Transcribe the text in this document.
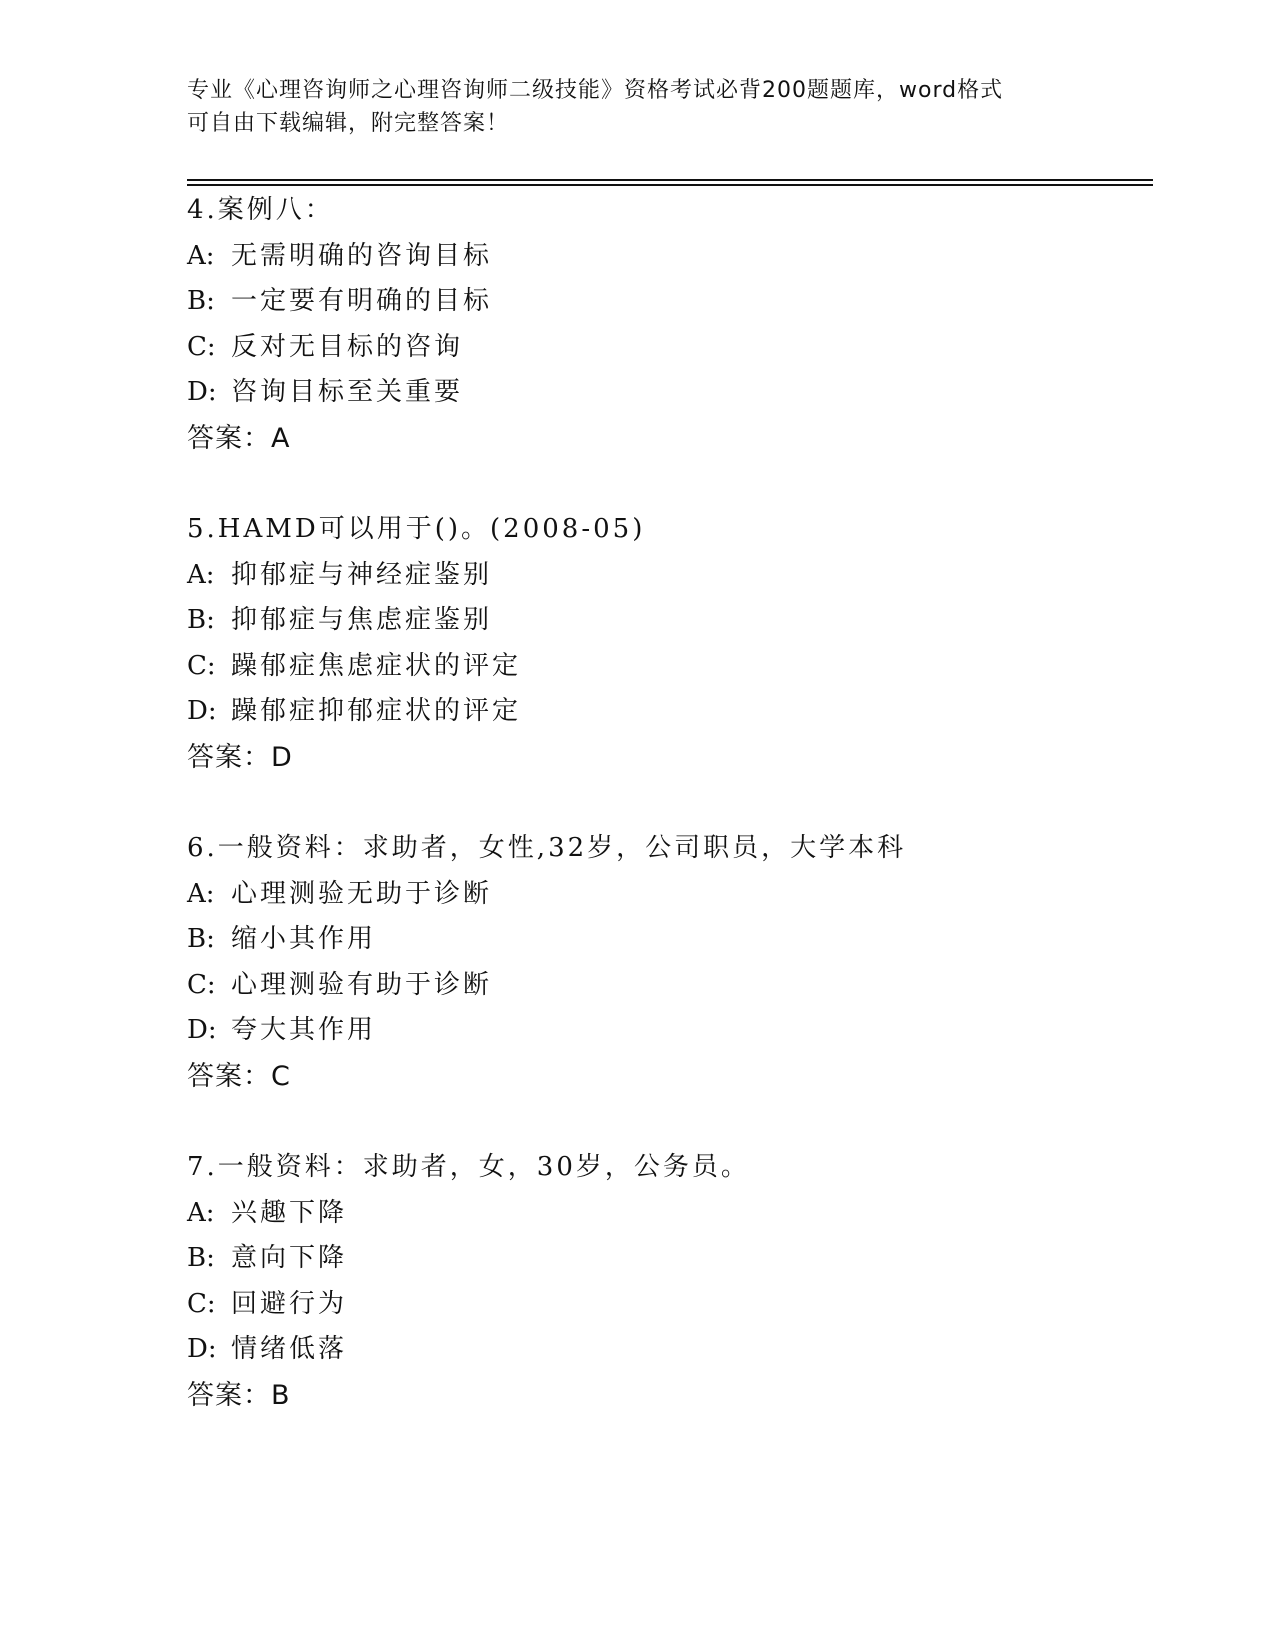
专业《心理咨询师之心理咨询师二级技能》资格考试必背200题题库，word格式
可自由下载编辑，附完整答案！
4.案例八：
A: 无需明确的咨询目标
B: 一定要有明确的目标
C: 反对无目标的咨询
D: 咨询目标至关重要
答案：A
5.HAMD可以用于()。(2008-05)
A: 抑郁症与神经症鉴别
B: 抑郁症与焦虑症鉴别
C: 躁郁症焦虑症状的评定
D: 躁郁症抑郁症状的评定
答案：D
6.一般资料：求助者，女性,32岁，公司职员，大学本科
A: 心理测验无助于诊断
B: 缩小其作用
C: 心理测验有助于诊断
D: 夸大其作用
答案：C
7.一般资料：求助者，女，30岁，公务员。
A: 兴趣下降
B: 意向下降
C: 回避行为
D: 情绪低落
答案：B
